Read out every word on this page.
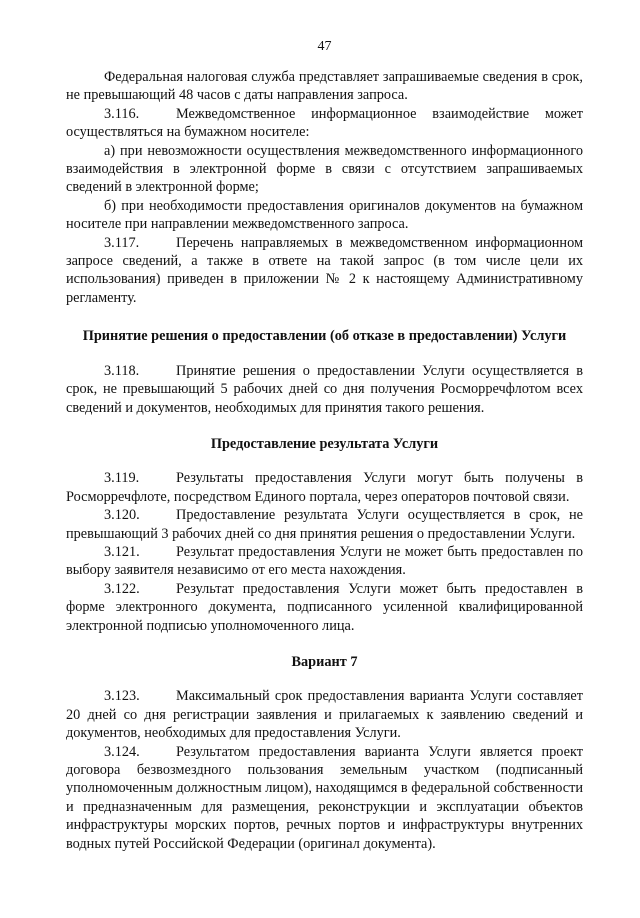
47

Федеральная налоговая служба представляет запрашиваемые сведения в срок, не превышающий 48 часов с даты направления запроса.

3.116.	Межведомственное информационное взаимодействие может осуществляться на бумажном носителе:

а) при невозможности осуществления межведомственного информационного взаимодействия в электронной форме в связи с отсутствием запрашиваемых сведений в электронной форме;

б) при необходимости предоставления оригиналов документов на бумажном носителе при направлении межведомственного запроса.

3.117.	Перечень направляемых в межведомственном информационном запросе сведений, а также в ответе на такой запрос (в том числе цели их использования) приведен в приложении № 2 к настоящему Административному регламенту.

Принятие решения о предоставлении (об отказе в предоставлении) Услуги

3.118.	Принятие решения о предоставлении Услуги осуществляется в срок, не превышающий 5 рабочих дней со дня получения Росморречфлотом всех сведений и документов, необходимых для принятия такого решения.

Предоставление результата Услуги

3.119.	Результаты предоставления Услуги могут быть получены в Росморречфлоте, посредством Единого портала, через операторов почтовой связи.

3.120.	Предоставление результата Услуги осуществляется в срок, не превышающий 3 рабочих дней со дня принятия решения о предоставлении Услуги.

3.121.	Результат предоставления Услуги не может быть предоставлен по выбору заявителя независимо от его места нахождения.

3.122.	Результат предоставления Услуги может быть предоставлен в форме электронного документа, подписанного усиленной квалифицированной электронной подписью уполномоченного лица.

Вариант 7

3.123.	Максимальный срок предоставления варианта Услуги составляет 20 дней со дня регистрации заявления и прилагаемых к заявлению сведений и документов, необходимых для предоставления Услуги.

3.124.	Результатом предоставления варианта Услуги является проект договора безвозмездного пользования земельным участком (подписанный уполномоченным должностным лицом), находящимся в федеральной собственности и предназначенным для размещения, реконструкции и эксплуатации объектов инфраструктуры морских портов, речных портов и инфраструктуры внутренних водных путей Российской Федерации (оригинал документа).
